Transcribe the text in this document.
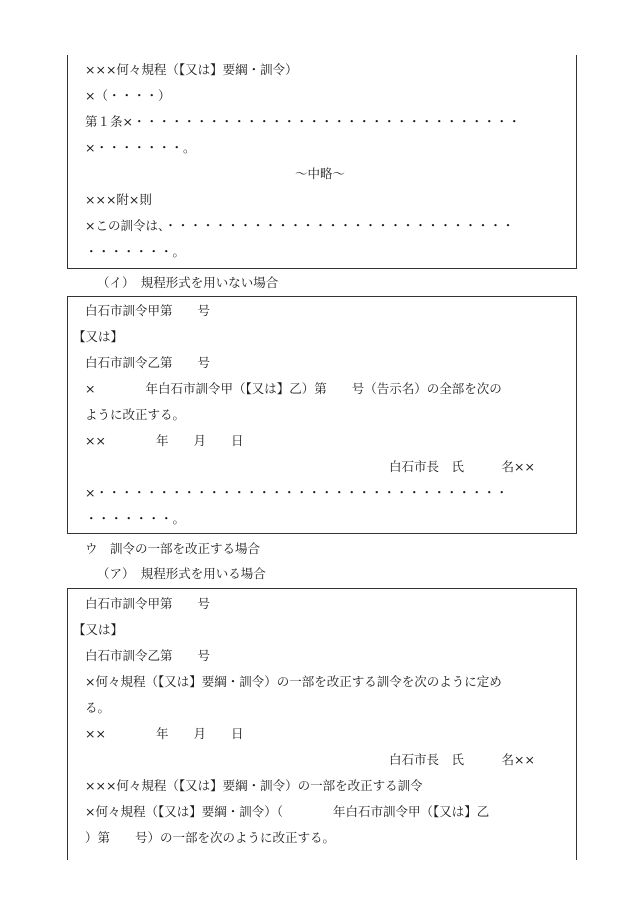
×××何々規程（【又は】要綱・訓令）
×（・・・・）
第１条×・・・・・・・・・・・・・・・・・・・・・・・・・・・・・・・
×・・・・・・・。
～中略～
×××附×則
×この訓令は、・・・・・・・・・・・・・・・・・・・・・・・・・・・・
・・・・・・・。
（イ）　規程形式を用いない場合
白石市訓令甲第　　号
【又は】
白石市訓令乙第　　号
×　　　　年白石市訓令甲（【又は】乙）第　　号（告示名）の全部を次の
ように改正する。
××　　　　年　　月　　日
白石市長　氏　　　名××
×・・・・・・・・・・・・・・・・・・・・・・・・・・・・・・・・・
・・・・・・・。
ウ　訓令の一部を改正する場合
（ア）　規程形式を用いる場合
白石市訓令甲第　　号
【又は】
白石市訓令乙第　　号
×何々規程（【又は】要綱・訓令）の一部を改正する訓令を次のように定め
る。
××　　　　年　　月　　日
白石市長　氏　　　名××
×××何々規程（【又は】要綱・訓令）の一部を改正する訓令
×何々規程（【又は】要綱・訓令）（　　　　年白石市訓令甲（【又は】乙
）第　　号）の一部を次のように改正する。
